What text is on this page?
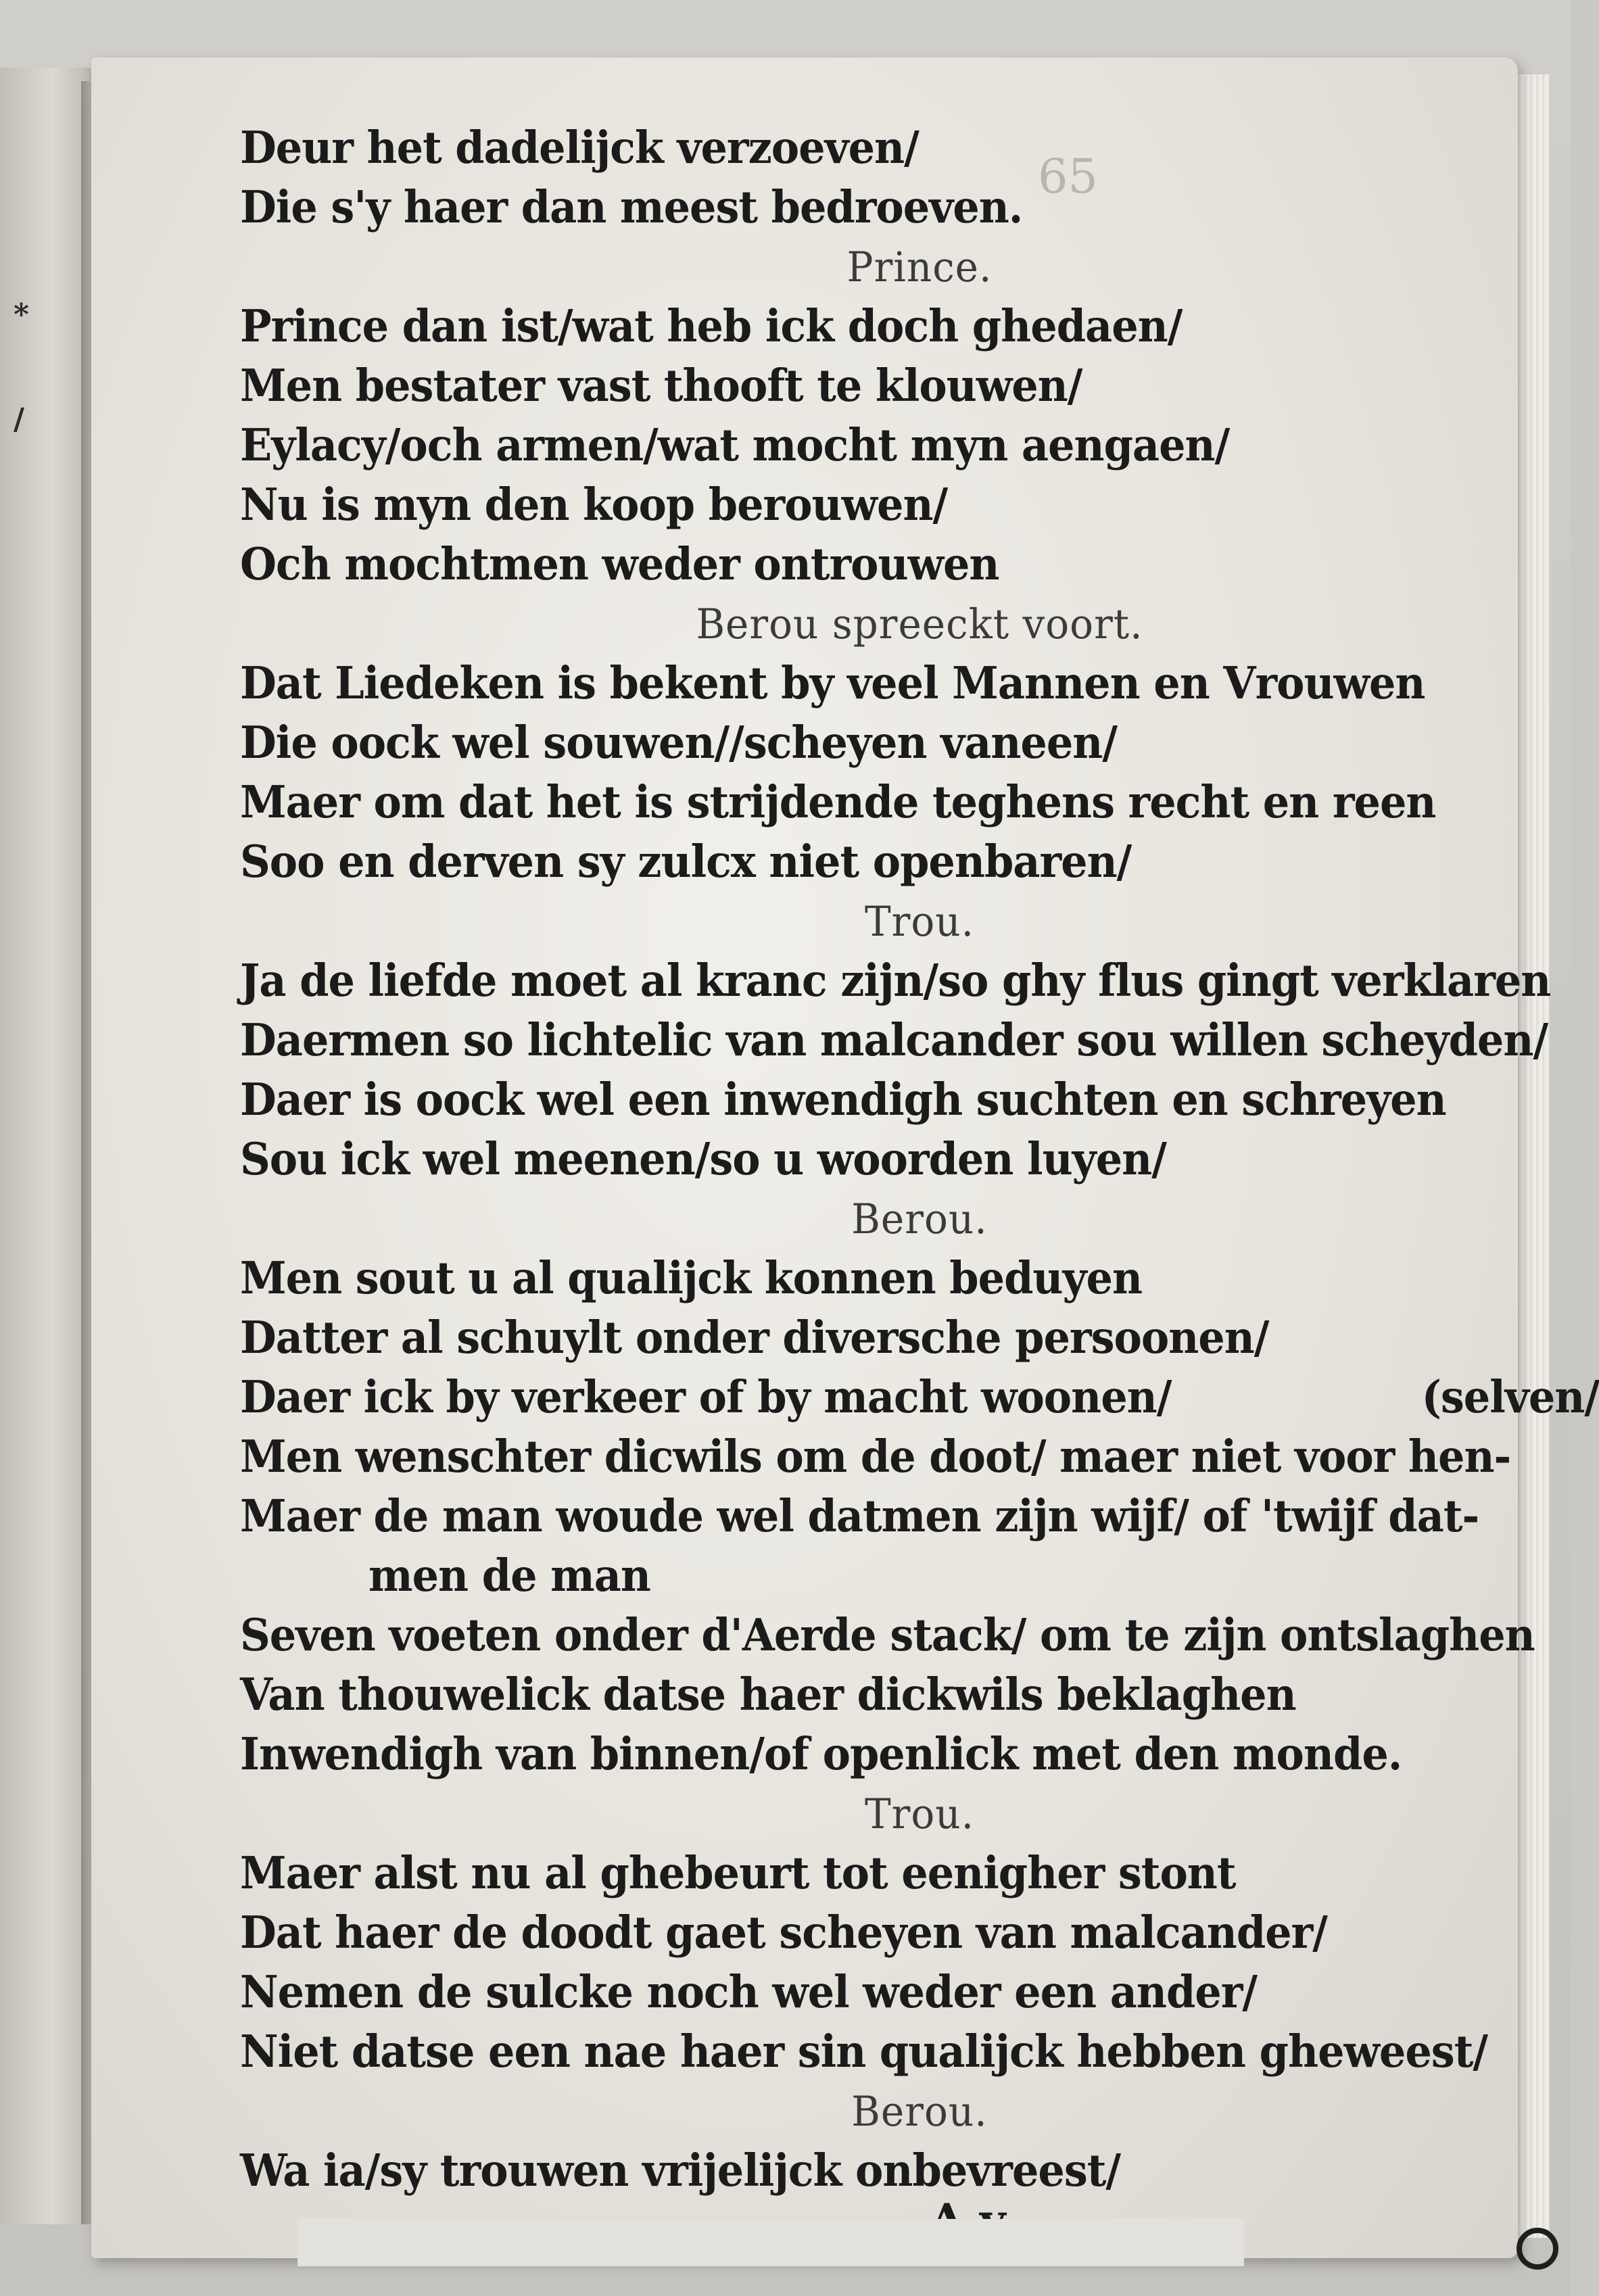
*
/
65
Deur het dadelijck verzoeven/
Die s'y haer dan meest bedroeven.
Prince.
Prince dan ist/wat heb ick doch ghedaen/
Men bestater vast thooft te klouwen/
Eylacy/och armen/wat mocht myn aengaen/
Nu is myn den koop berouwen/
Och mochtmen weder ontrouwen
Berou spreeckt voort.
Dat Liedeken is bekent by veel Mannen en Vrouwen
Die oock wel souwen//scheyen vaneen/
Maer om dat het is strijdende teghens recht en reen
Soo en derven sy zulcx niet openbaren/
Trou.
Ja de liefde moet al kranc zijn/so ghy flus gingt verklaren
Daermen so lichtelic van malcander sou willen scheyden/
Daer is oock wel een inwendigh suchten en schreyen
Sou ick wel meenen/so u woorden luyen/
Berou.
Men sout u al qualijck konnen beduyen
Datter al schuylt onder diversche persoonen/
Daer ick by verkeer of by macht woonen/	(selven/
Men wenschter dicwils om de doot/ maer niet voor hen-
Maer de man woude wel datmen zijn wijf/ of 'twijf dat-
men de man
Seven voeten onder d'Aerde stack/ om te zijn ontslaghen
Van thouwelick datse haer dickwils beklaghen
Inwendigh van binnen/of openlick met den monde.
Trou.
Maer alst nu al ghebeurt tot eenigher stont
Dat haer de doodt gaet scheyen van malcander/
Nemen de sulcke noch wel weder een ander/
Niet datse een nae haer sin qualijck hebben gheweest/
Berou.
Wa ia/sy trouwen vrijelijck onbevreest/
